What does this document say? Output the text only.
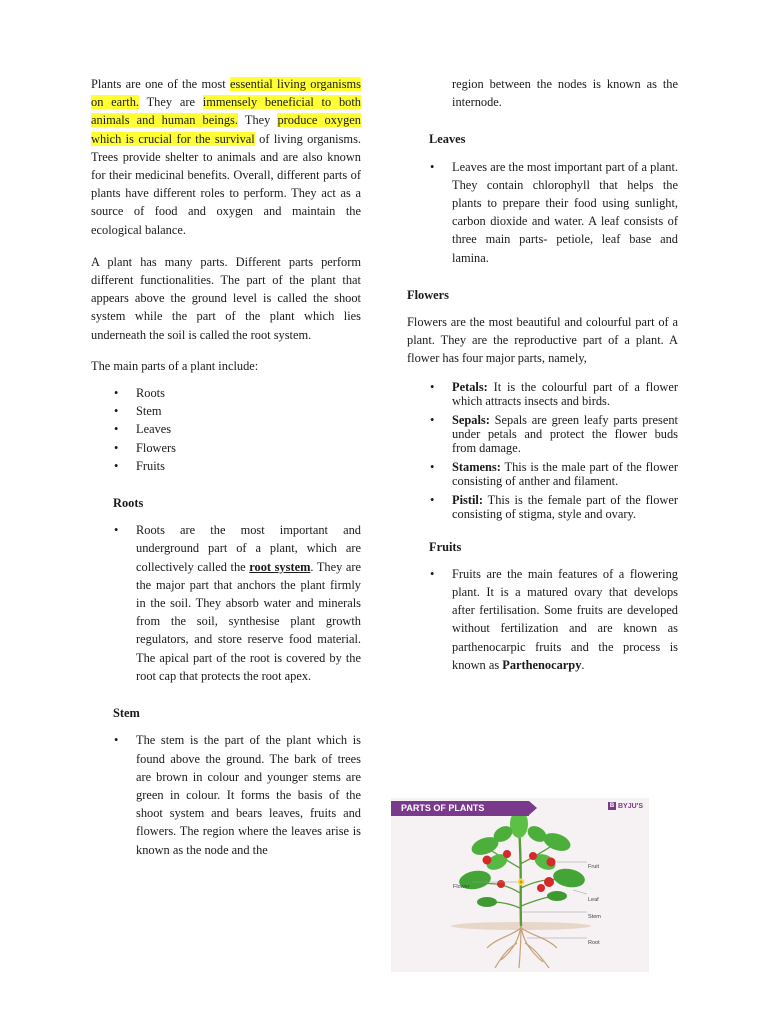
Plants are one of the most essential living organisms on earth. They are immensely beneficial to both animals and human beings. They produce oxygen which is crucial for the survival of living organisms. Trees provide shelter to animals and are also known for their medicinal benefits. Overall, different parts of plants have different roles to perform. They act as a source of food and oxygen and maintain the ecological balance.

A plant has many parts. Different parts perform different functionalities. The part of the plant that appears above the ground level is called the shoot system while the part of the plant which lies underneath the soil is called the root system.

The main parts of a plant include:

• Roots
• Stem
• Leaves
• Flowers
• Fruits

Roots

• Roots are the most important and underground part of a plant, which are collectively called the root system. They are the major part that anchors the plant firmly in the soil. They absorb water and minerals from the soil, synthesise plant growth regulators, and store reserve food material. The apical part of the root is covered by the root cap that protects the root apex.

Stem

• The stem is the part of the plant which is found above the ground. The bark of trees are brown in colour and younger stems are green in colour. It forms the basis of the shoot system and bears leaves, fruits and flowers. The region where the leaves arise is known as the node and the

region between the nodes is known as the internode.

Leaves

• Leaves are the most important part of a plant. They contain chlorophyll that helps the plants to prepare their food using sunlight, carbon dioxide and water. A leaf consists of three main parts- petiole, leaf base and lamina.

Flowers

Flowers are the most beautiful and colourful part of a plant. They are the reproductive part of a plant. A flower has four major parts, namely,

• Petals: It is the colourful part of a flower which attracts insects and birds.
• Sepals: Sepals are green leafy parts present under petals and protect the flower buds from damage.
• Stamens: This is the male part of the flower consisting of anther and filament.
• Pistil: This is the female part of the flower consisting of stigma, style and ovary.

Fruits

• Fruits are the main features of a flowering plant. It is a matured ovary that develops after fertilisation. Some fruits are developed without fertilization and are known as parthenocarpic fruits and the process is known as Parthenocarpy.
PARTS OF PLANTS	B BYJU'S
Fruit
Flower
Leaf
Stem
Root
